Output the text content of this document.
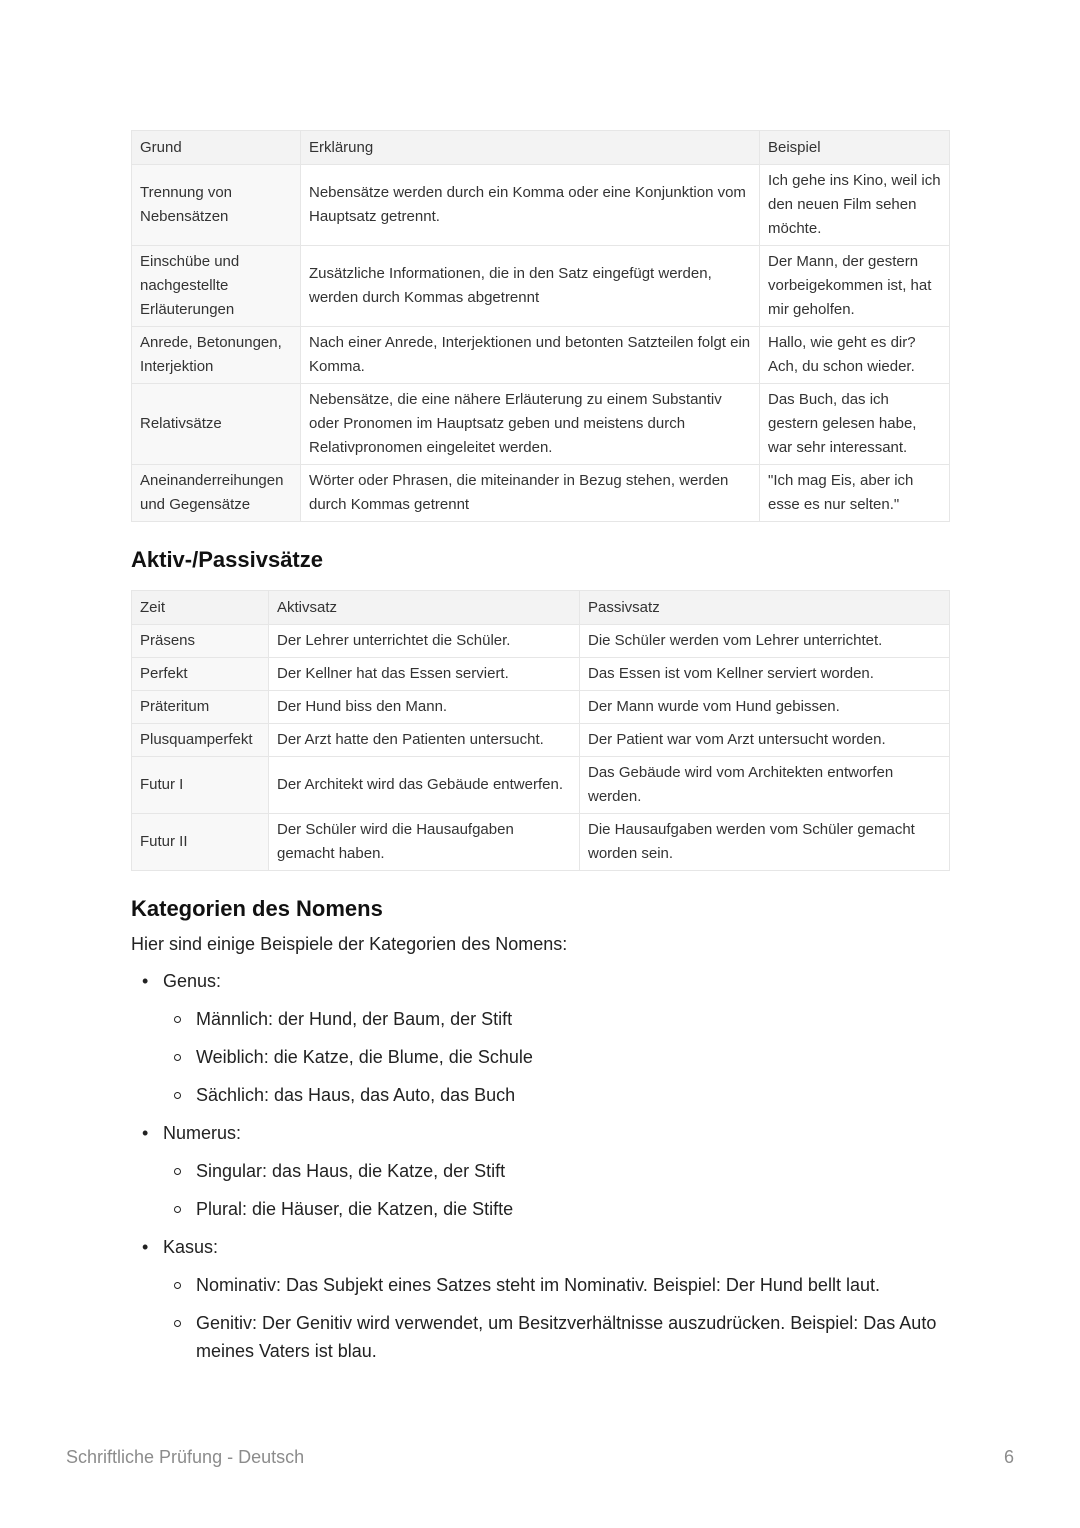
Grund	Erklärung	Beispiel
Trennung von Nebensätzen	Nebensätze werden durch ein Komma oder eine Konjunktion vom Hauptsatz getrennt.	Ich gehe ins Kino, weil ich den neuen Film sehen möchte.
Einschübe und nachgestellte Erläuterungen	Zusätzliche Informationen, die in den Satz eingefügt werden, werden durch Kommas abgetrennt	Der Mann, der gestern vorbeigekommen ist, hat mir geholfen.
Anrede, Betonungen, Interjektion	Nach einer Anrede, Interjektionen und betonten Satzteilen folgt ein Komma.	Hallo, wie geht es dir? Ach, du schon wieder.
Relativsätze	Nebensätze, die eine nähere Erläuterung zu einem Substantiv oder Pronomen im Hauptsatz geben und meistens durch Relativpronomen eingeleitet werden.	Das Buch, das ich gestern gelesen habe, war sehr interessant.
Aneinanderreihungen und Gegensätze	Wörter oder Phrasen, die miteinander in Bezug stehen, werden durch Kommas getrennt	"Ich mag Eis, aber ich esse es nur selten."
Aktiv-/Passivsätze
Zeit	Aktivsatz	Passivsatz
Präsens	Der Lehrer unterrichtet die Schüler.	Die Schüler werden vom Lehrer unterrichtet.
Perfekt	Der Kellner hat das Essen serviert.	Das Essen ist vom Kellner serviert worden.
Präteritum	Der Hund biss den Mann.	Der Mann wurde vom Hund gebissen.
Plusquamperfekt	Der Arzt hatte den Patienten untersucht.	Der Patient war vom Arzt untersucht worden.
Futur I	Der Architekt wird das Gebäude entwerfen.	Das Gebäude wird vom Architekten entworfen werden.
Futur II	Der Schüler wird die Hausaufgaben gemacht haben.	Die Hausaufgaben werden vom Schüler gemacht worden sein.
Kategorien des Nomens

Hier sind einige Beispiele der Kategorien des Nomens:

• Genus:
Männlich: der Hund, der Baum, der Stift
Weiblich: die Katze, die Blume, die Schule
Sächlich: das Haus, das Auto, das Buch
• Numerus:
Singular: das Haus, die Katze, der Stift
Plural: die Häuser, die Katzen, die Stifte
• Kasus:
Nominativ: Das Subjekt eines Satzes steht im Nominativ. Beispiel: Der Hund bellt laut.
Genitiv: Der Genitiv wird verwendet, um Besitzverhältnisse auszudrücken. Beispiel: Das Auto meines Vaters ist blau.
Schriftliche Prüfung - Deutsch	6
